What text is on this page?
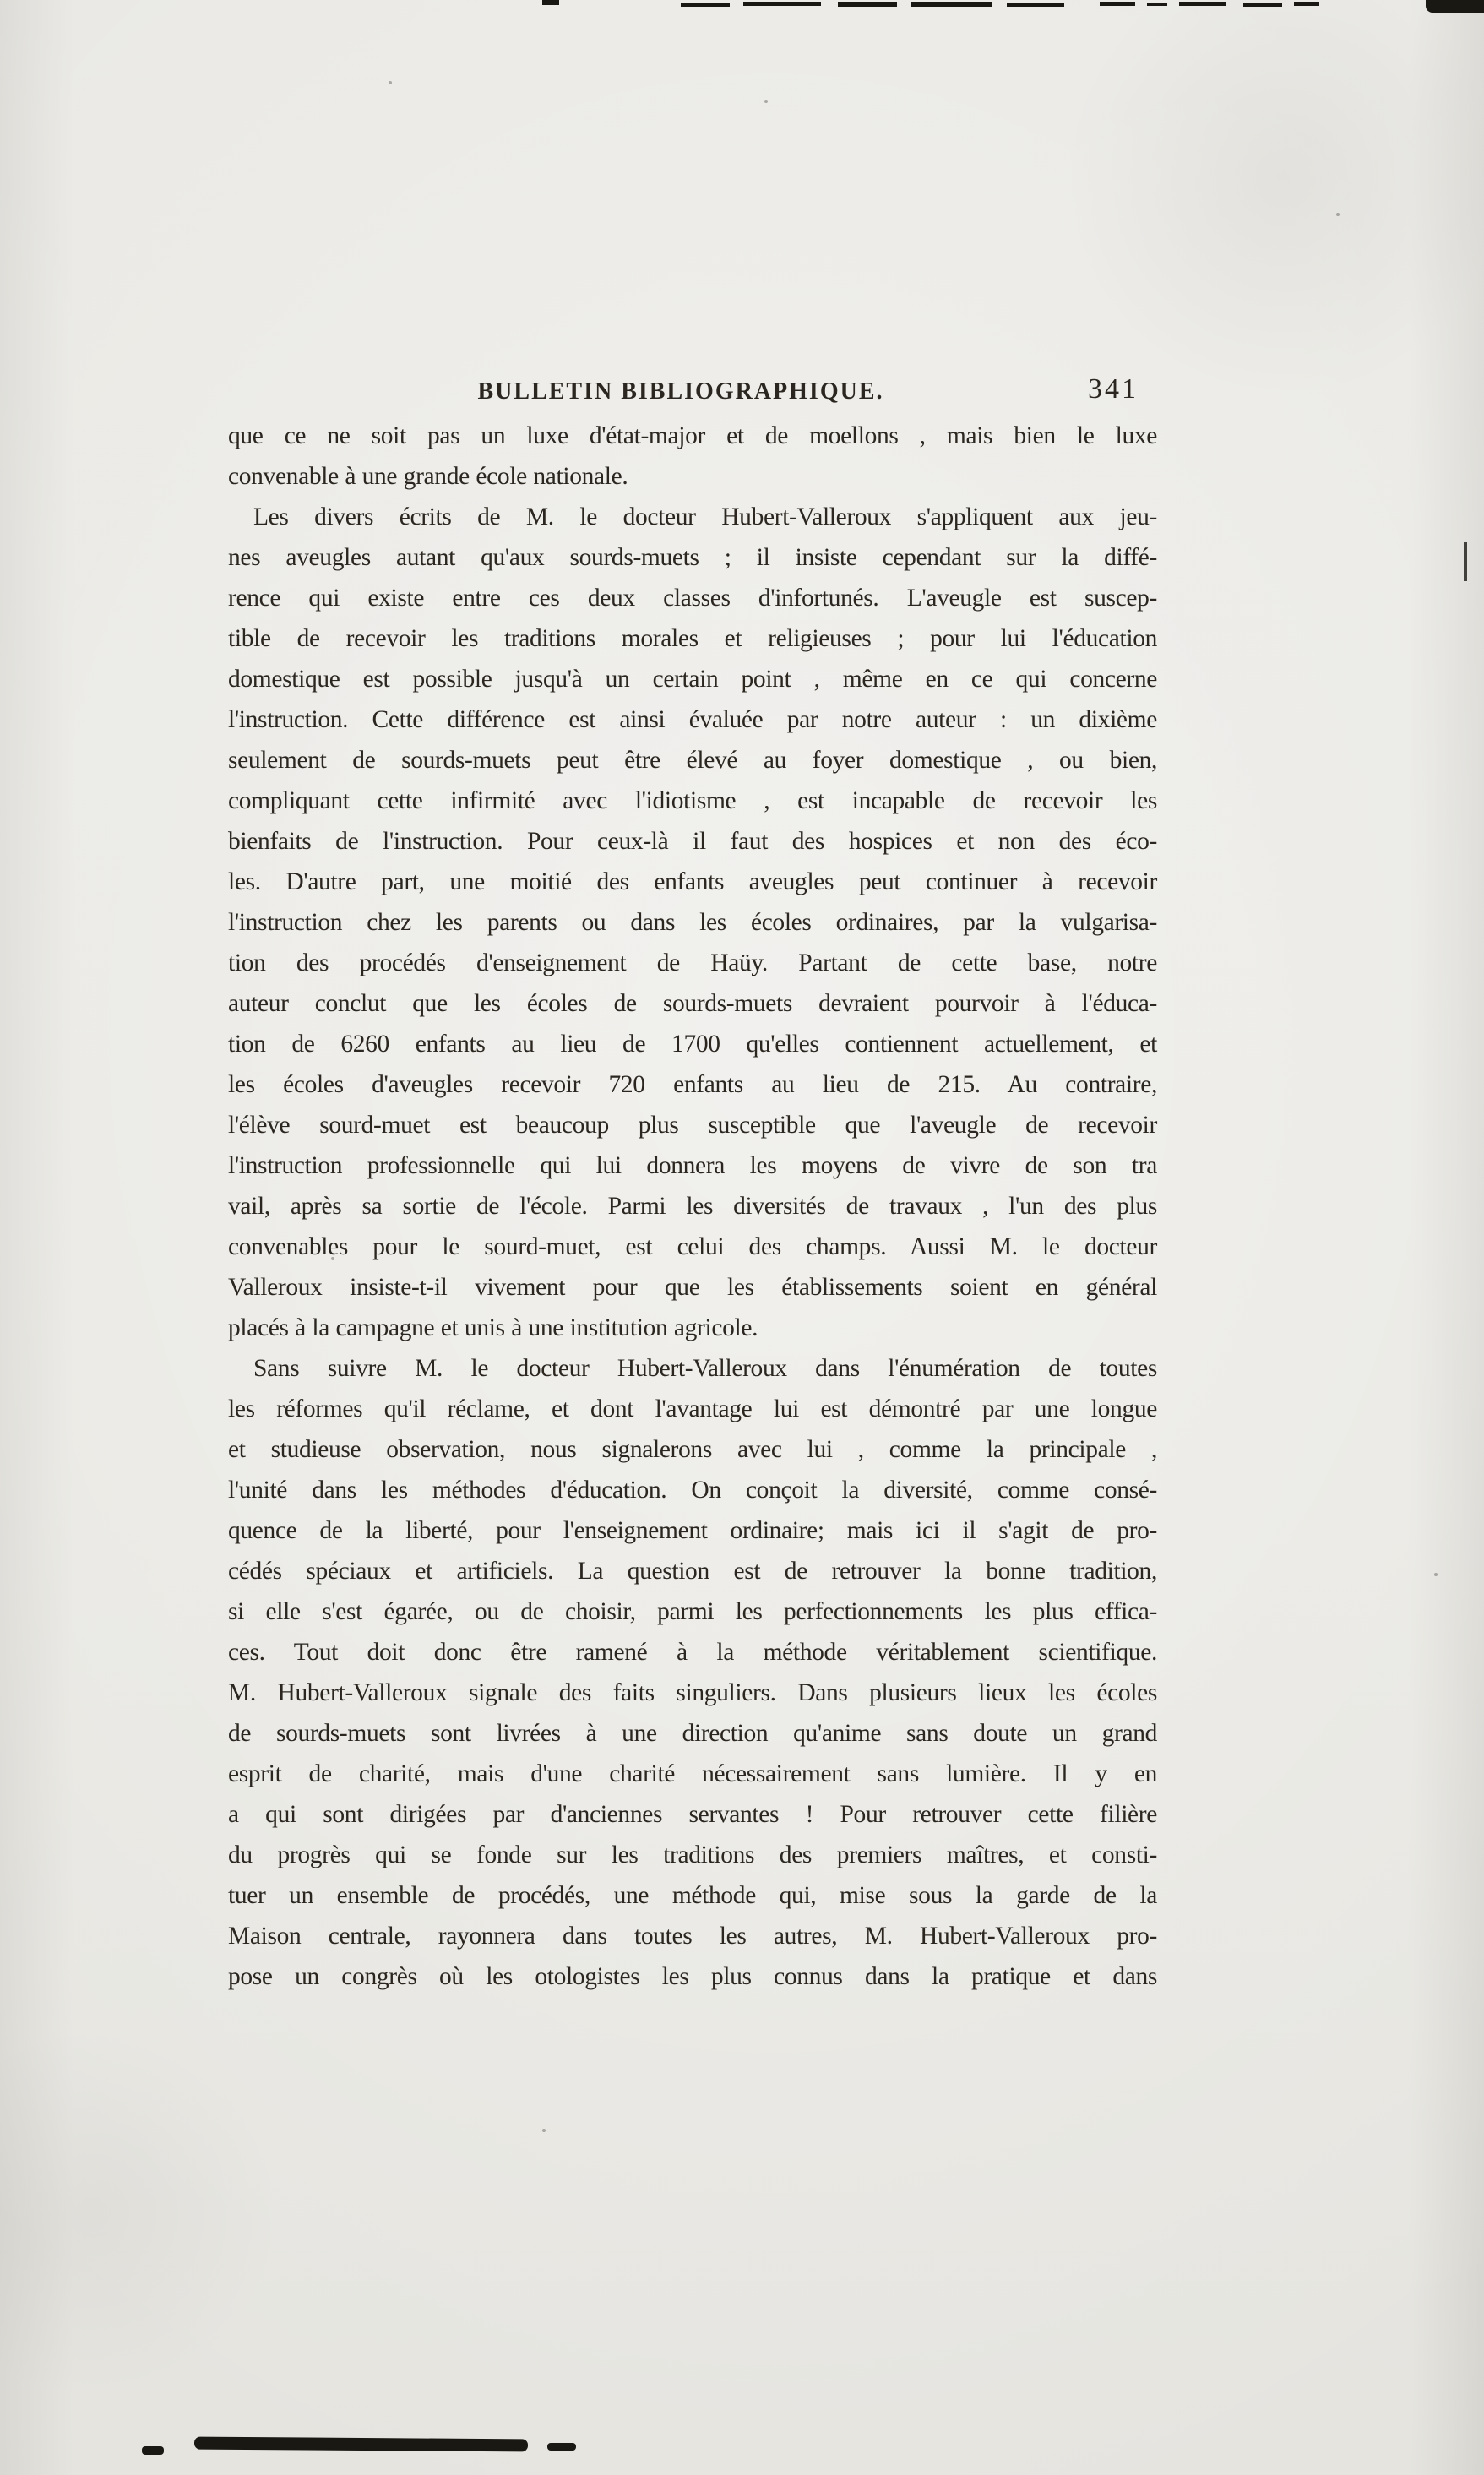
BULLETIN BIBLIOGRAPHIQUE.	341
que ce ne soit pas un luxe d'état-major et de moellons , mais bien le luxe
convenable à une grande école nationale.
Les divers écrits de M. le docteur Hubert-Valleroux s'appliquent aux jeu-
nes aveugles autant qu'aux sourds-muets ; il insiste cependant sur la diffé-
rence qui existe entre ces deux classes d'infortunés. L'aveugle est suscep-
tible de recevoir les traditions morales et religieuses ; pour lui l'éducation
domestique est possible jusqu'à un certain point , même en ce qui concerne
l'instruction. Cette différence est ainsi évaluée par notre auteur : un dixième
seulement de sourds-muets peut être élevé au foyer domestique , ou bien,
compliquant cette infirmité avec l'idiotisme , est incapable de recevoir les
bienfaits de l'instruction. Pour ceux-là il faut des hospices et non des éco-
les. D'autre part, une moitié des enfants aveugles peut continuer à recevoir
l'instruction chez les parents ou dans les écoles ordinaires, par la vulgarisa-
tion des procédés d'enseignement de Haüy. Partant de cette base, notre
auteur conclut que les écoles de sourds-muets devraient pourvoir à l'éduca-
tion de 6260 enfants au lieu de 1700 qu'elles contiennent actuellement, et
les écoles d'aveugles recevoir 720 enfants au lieu de 215. Au contraire,
l'élève sourd-muet est beaucoup plus susceptible que l'aveugle de recevoir
l'instruction professionnelle qui lui donnera les moyens de vivre de son tra
vail, après sa sortie de l'école. Parmi les diversités de travaux , l'un des plus
convenables pour le sourd-muet, est celui des champs. Aussi M. le docteur
Valleroux insiste-t-il vivement pour que les établissements soient en général
placés à la campagne et unis à une institution agricole.
Sans suivre M. le docteur Hubert-Valleroux dans l'énumération de toutes
les réformes qu'il réclame, et dont l'avantage lui est démontré par une longue
et studieuse observation, nous signalerons avec lui , comme la principale ,
l'unité dans les méthodes d'éducation. On conçoit la diversité, comme consé-
quence de la liberté, pour l'enseignement ordinaire; mais ici il s'agit de pro-
cédés spéciaux et artificiels. La question est de retrouver la bonne tradition,
si elle s'est égarée, ou de choisir, parmi les perfectionnements les plus effica-
ces. Tout doit donc être ramené à la méthode véritablement scientifique.
M. Hubert-Valleroux signale des faits singuliers. Dans plusieurs lieux les écoles
de sourds-muets sont livrées à une direction qu'anime sans doute un grand
esprit de charité, mais d'une charité nécessairement sans lumière. Il y en
a qui sont dirigées par d'anciennes servantes ! Pour retrouver cette filière
du progrès qui se fonde sur les traditions des premiers maîtres, et consti-
tuer un ensemble de procédés, une méthode qui, mise sous la garde de la
Maison centrale, rayonnera dans toutes les autres, M. Hubert-Valleroux pro-
pose un congrès où les otologistes les plus connus dans la pratique et dans
